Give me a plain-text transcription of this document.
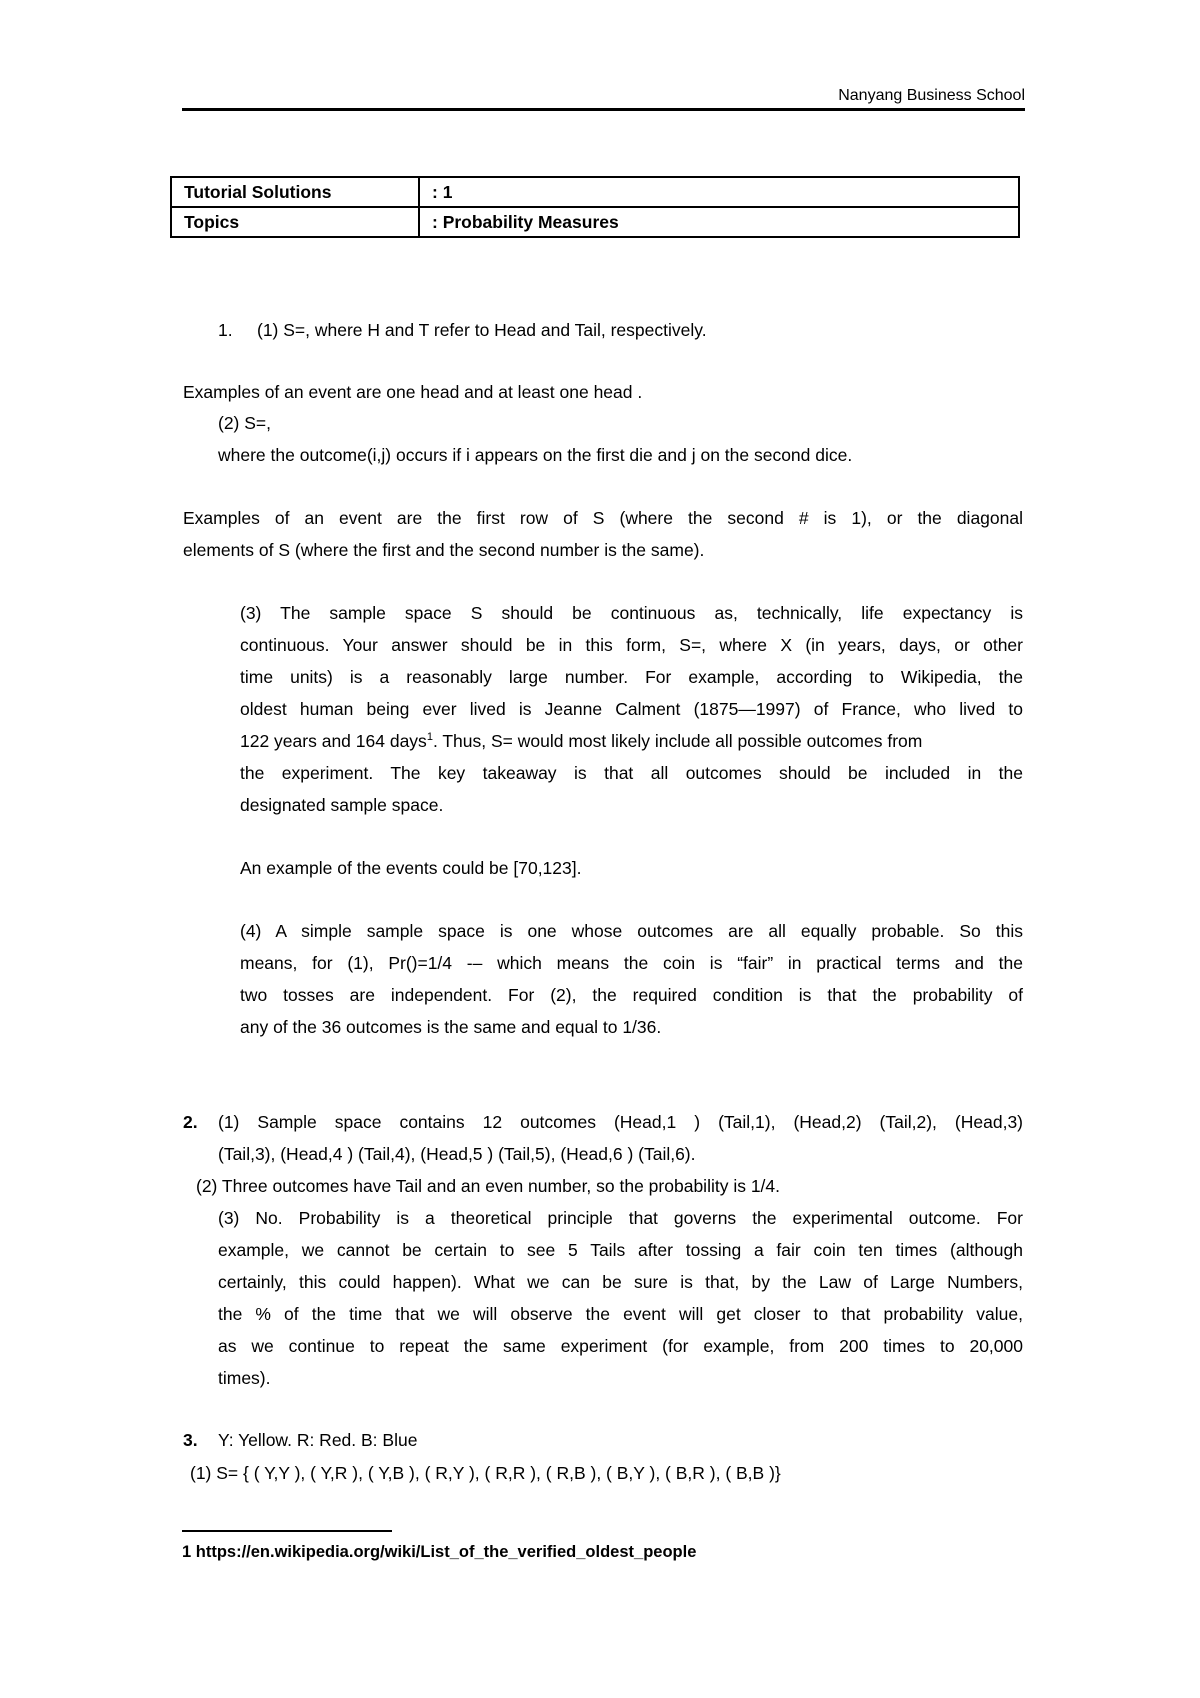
Nanyang Business School
Tutorial Solutions	: 1
Topics	: Probability Measures
1. (1) S=, where H and T refer to Head and Tail, respectively.
Examples of an event are one head and at least one head .
(2) S=,
where the outcome(i,j) occurs if i appears on the first die and j on the second dice.
Examples of an event are the first row of S (where the second # is 1), or the diagonal
elements of S (where the first and the second number is the same).
(3) The sample space S should be continuous as, technically, life expectancy is
continuous. Your answer should be in this form, S=, where X (in years, days, or other
time units) is a reasonably large number. For example, according to Wikipedia, the
oldest human being ever lived is Jeanne Calment (1875—1997) of France, who lived to
122 years and 164 days$^1$. Thus, S= would most likely include all possible outcomes from
the experiment. The key takeaway is that all outcomes should be included in the
designated sample space.
An example of the events could be [70,123].
(4) A simple sample space is one whose outcomes are all equally probable. So this
means, for (1), Pr()=1/4 -– which means the coin is “fair” in practical terms and the
two tosses are independent. For (2), the required condition is that the probability of
any of the 36 outcomes is the same and equal to 1/36.
2. (1) Sample space contains 12 outcomes (Head,1 ) (Tail,1), (Head,2) (Tail,2), (Head,3)
(Tail,3), (Head,4 ) (Tail,4), (Head,5 ) (Tail,5), (Head,6 ) (Tail,6).
(2) Three outcomes have Tail and an even number, so the probability is 1/4.
(3) No. Probability is a theoretical principle that governs the experimental outcome. For
example, we cannot be certain to see 5 Tails after tossing a fair coin ten times (although
certainly, this could happen). What we can be sure is that, by the Law of Large Numbers,
the % of the time that we will observe the event will get closer to that probability value,
as we continue to repeat the same experiment (for example, from 200 times to 20,000
times).
3. Y: Yellow. R: Red. B: Blue
(1) S= { ( Y,Y ), ( Y,R ), ( Y,B ), ( R,Y ), ( R,R ), ( R,B ), ( B,Y ), ( B,R ), ( B,B )}
1 https://en.wikipedia.org/wiki/List_of_the_verified_oldest_people
